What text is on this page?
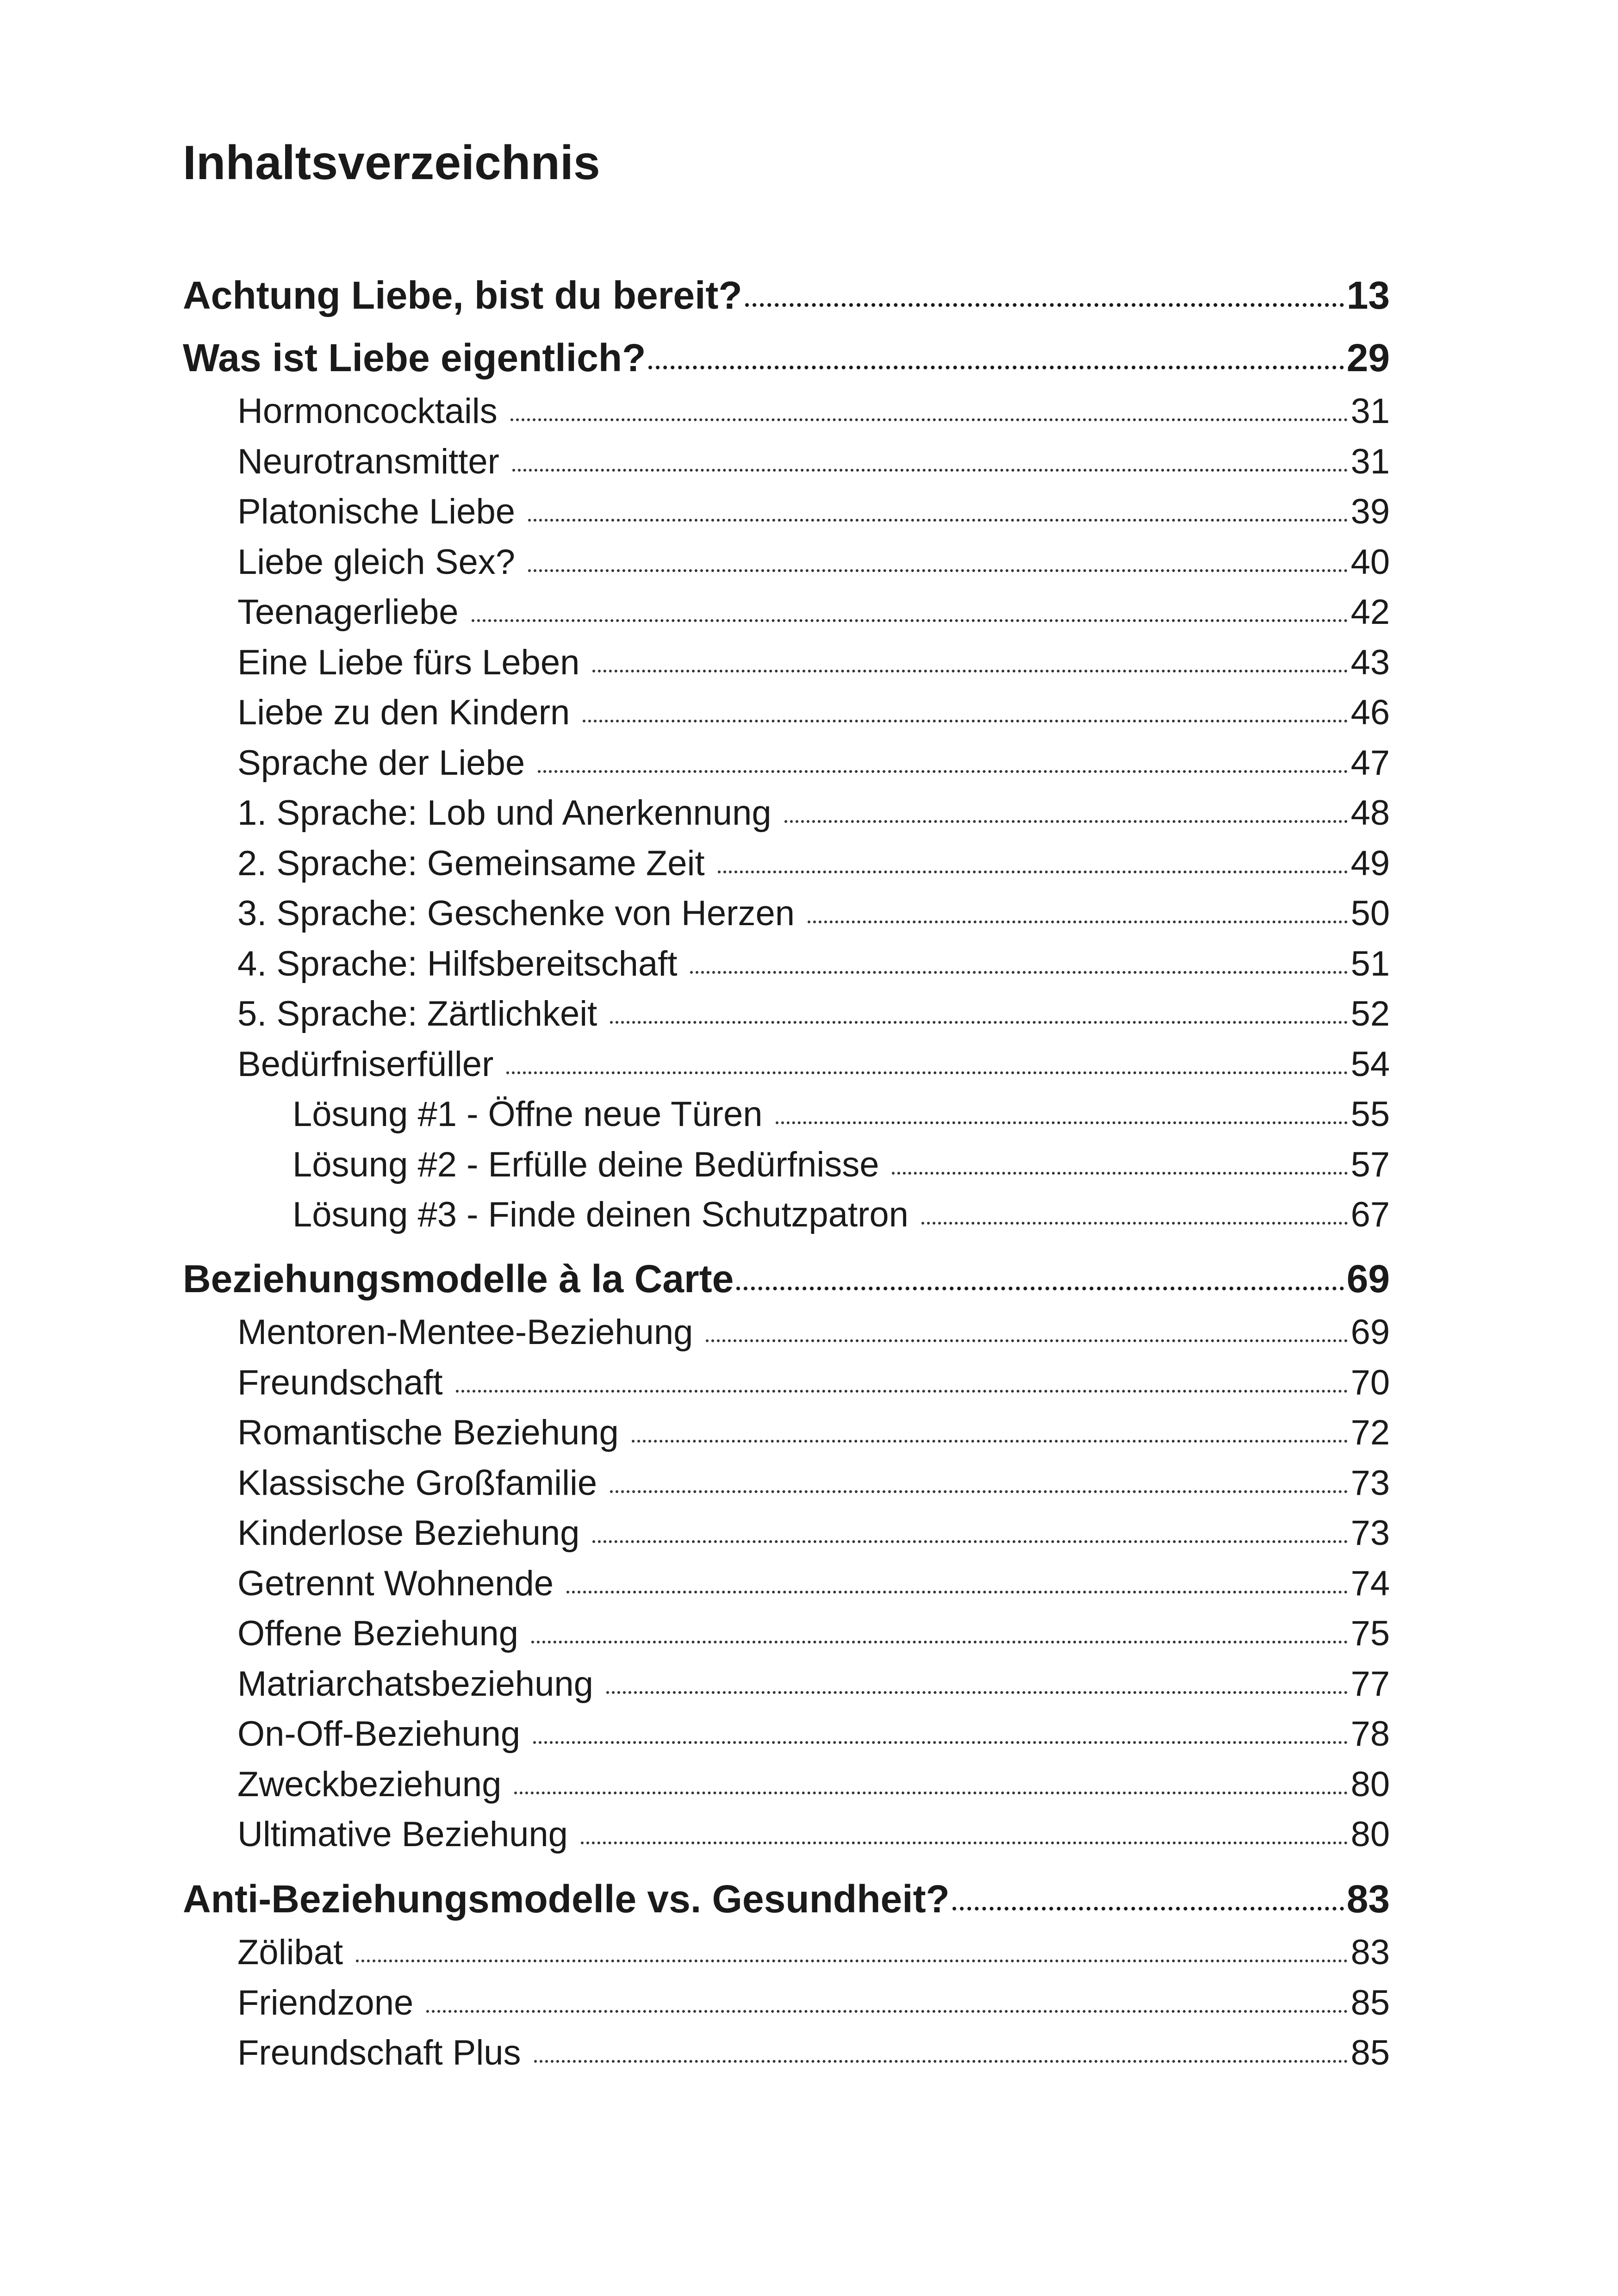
Inhaltsverzeichnis
Achtung Liebe, bist du bereit?	13
Was ist Liebe eigentlich?	29
Hormoncocktails	31
Neurotransmitter	31
Platonische Liebe	39
Liebe gleich Sex?	40
Teenagerliebe	42
Eine Liebe fürs Leben	43
Liebe zu den Kindern	46
Sprache der Liebe	47
1. Sprache: Lob und Anerkennung	48
2. Sprache: Gemeinsame Zeit	49
3. Sprache: Geschenke von Herzen	50
4. Sprache: Hilfsbereitschaft	51
5. Sprache: Zärtlichkeit	52
Bedürfniserfüller	54
Lösung #1 - Öffne neue Türen	55
Lösung #2 - Erfülle deine Bedürfnisse	57
Lösung #3 - Finde deinen Schutzpatron	67
Beziehungsmodelle à la Carte	69
Mentoren-Mentee-Beziehung	69
Freundschaft	70
Romantische Beziehung	72
Klassische Großfamilie	73
Kinderlose Beziehung	73
Getrennt Wohnende	74
Offene Beziehung	75
Matriarchatsbeziehung	77
On-Off-Beziehung	78
Zweckbeziehung	80
Ultimative Beziehung	80
Anti-Beziehungsmodelle vs. Gesundheit?	83
Zölibat	83
Friendzone	85
Freundschaft Plus	85
